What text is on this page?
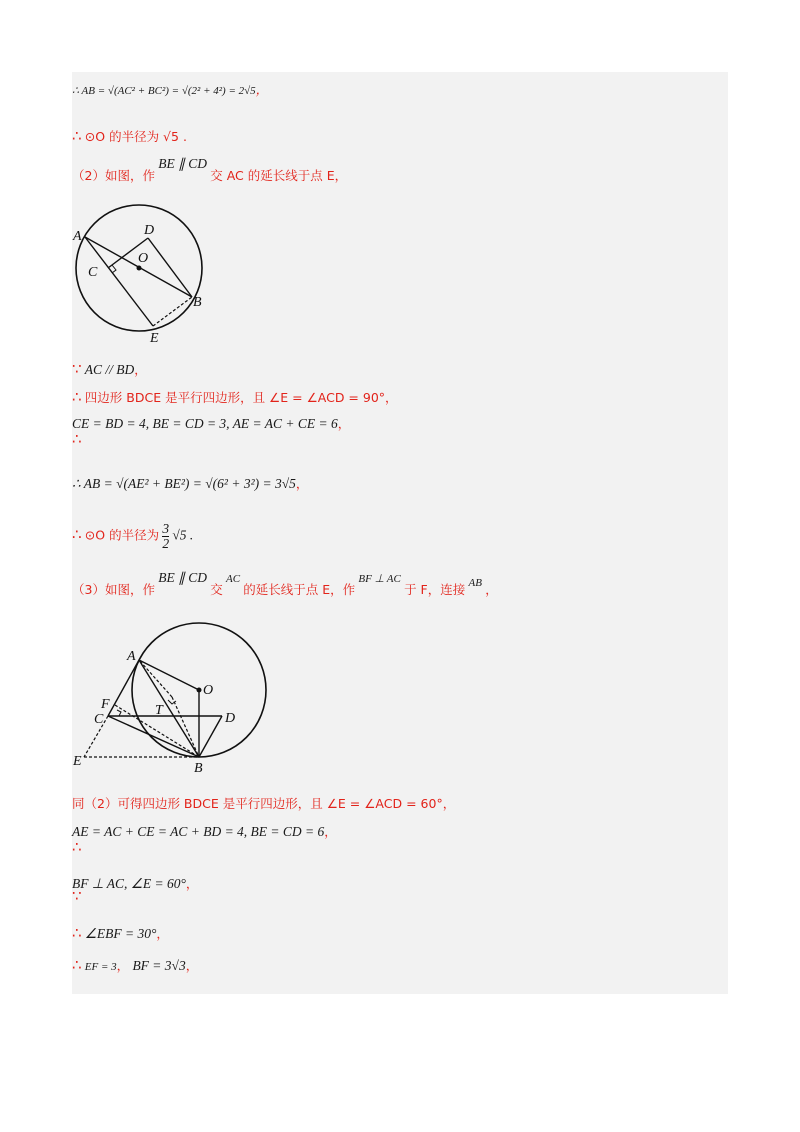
∴ AB = √(AC² + BC²) = √(2² + 4²) = 2√5，
∴ ⊙O 的半径为 √5 .
（2）如图，作 BE ∥ CD 交 AC 的延长线于点 E，
A
C
O
D
B
E
∵ AC // BD，
∴ 四边形 BDCE 是平行四边形，且 ∠E = ∠ACD = 90°，
CE = BD = 4, BE = CD = 3, AE = AC + CE = 6，
∴
∴ AB = √(AE² + BE²) = √(6² + 3²) = 3√5，
∴ ⊙O 的半径为 $\frac{3}{2} √5$ .
（3）如图，作 BE ∥ CD 交 $^{AC}$ 的延长线于点 E，作 $^{BF \perp AC}$ 于 F，连接 $^{AB}$ ，
A
O
F
C
T
D
E	B
同（2）可得四边形 BDCE 是平行四边形，且 ∠E = ∠ACD = 60°，
AE = AC + CE = AC + BD = 4, BE = CD = 6，
∴
BF ⊥ AC, ∠E = 60°，
∵
∴ ∠EBF = 30°，
∴ EF = 3， BF = 3√3，
